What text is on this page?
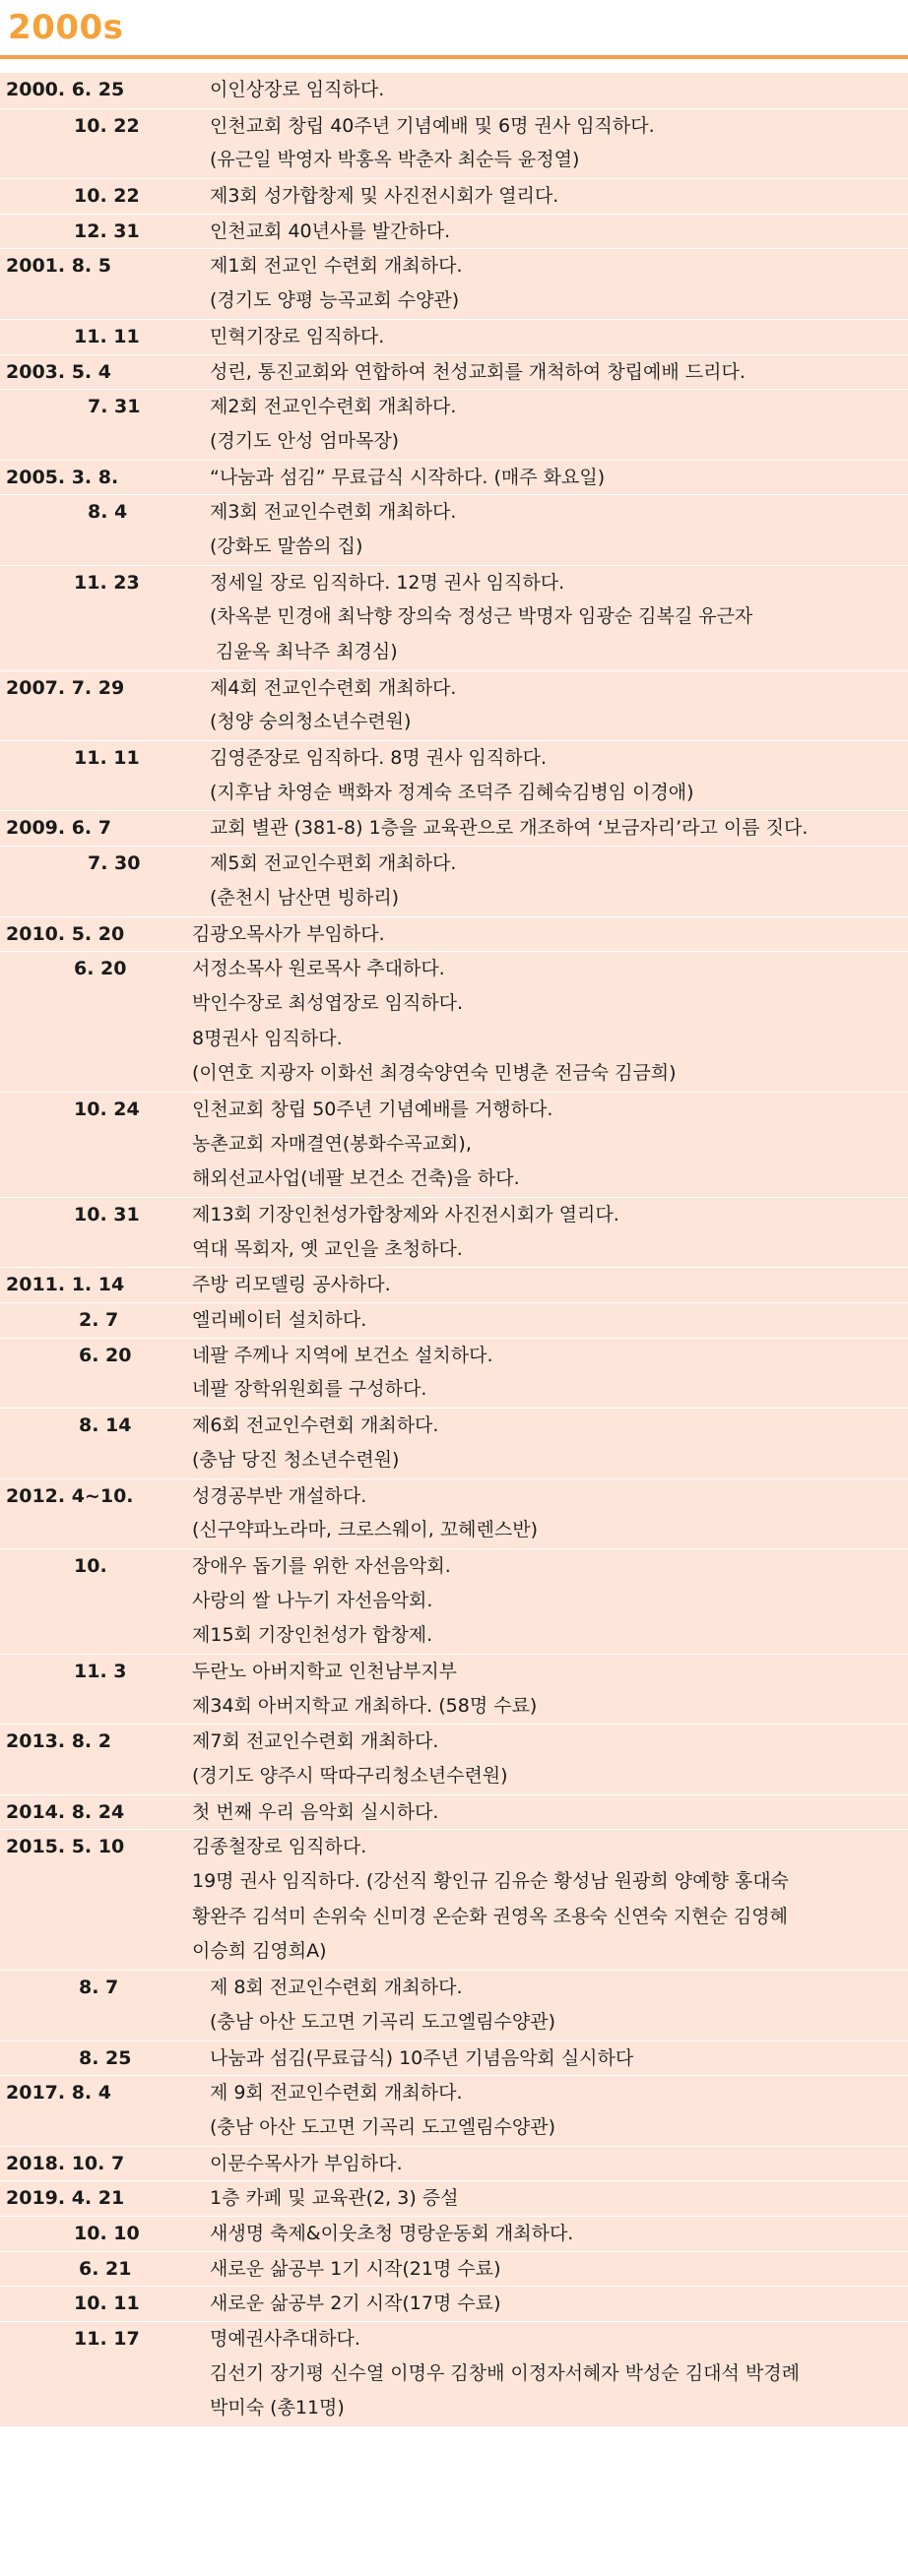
2000s
2000. 6. 25	이인상장로 임직하다.
10. 22	인천교회 창립 40주년 기념예배 및 6명 권사 임직하다.
(유근일 박영자 박홍옥 박춘자 최순득 윤정열)
10. 22	제3회 성가합창제 및 사진전시회가 열리다.
12. 31	인천교회 40년사를 발간하다.
2001. 8. 5	제1회 전교인 수련회 개최하다.
(경기도 양평 능곡교회 수양관)
11. 11	민혁기장로 임직하다.
2003. 5. 4	성린, 통진교회와 연합하여 천성교회를 개척하여 창립예배 드리다.
7. 31	제2회 전교인수련회 개최하다.
(경기도 안성 엄마목장)
2005. 3. 8.	“나눔과 섬김” 무료급식 시작하다. (매주 화요일)
8. 4	제3회 전교인수련회 개최하다.
(강화도 말씀의 집)
11. 23	정세일 장로 임직하다. 12명 권사 임직하다.
(차옥분 민경애 최낙향 장의숙 정성근 박명자 임광순 김복길 유근자
김윤옥 최낙주 최경심)
2007. 7. 29	제4회 전교인수련회 개최하다.
(청양 숭의청소년수련원)
11. 11	김영준장로 임직하다. 8명 권사 임직하다.
(지후남 차영순 백화자 정계숙 조덕주 김혜숙김병임 이경애)
2009. 6. 7	교회 별관 (381-8) 1층을 교육관으로 개조하여 ‘보금자리’라고 이름 짓다.
7. 30	제5회 전교인수편회 개최하다.
(춘천시 남산면 빙하리)
2010. 5. 20	김광오목사가 부임하다.
6. 20	서정소목사 원로목사 추대하다.
박인수장로 최성엽장로 임직하다.
8명권사 임직하다.
(이연호 지광자 이화선 최경숙양연숙 민병춘 전금숙 김금희)
10. 24	인천교회 창립 50주년 기념예배를 거행하다.
농촌교회 자매결연(봉화수곡교회),
해외선교사업(네팔 보건소 건축)을 하다.
10. 31	제13회 기장인천성가합창제와 사진전시회가 열리다.
역대 목회자, 옛 교인을 초청하다.
2011. 1. 14	주방 리모델링 공사하다.
2. 7	엘리베이터 설치하다.
6. 20	네팔 주께나 지역에 보건소 설치하다.
네팔 장학위원회를 구성하다.
8. 14	제6회 전교인수련회 개최하다.
(충남 당진 청소년수련원)
2012. 4~10.	성경공부반 개설하다.
(신구약파노라마, 크로스웨이, 꼬헤렌스반)
10.	장애우 돕기를 위한 자선음악회.
사랑의 쌀 나누기 자선음악회.
제15회 기장인천성가 합창제.
11. 3	두란노 아버지학교 인천남부지부
제34회 아버지학교 개최하다. (58명 수료)
2013. 8. 2	제7회 전교인수련회 개최하다.
(경기도 양주시 딱따구리청소년수련원)
2014. 8. 24	첫 번째 우리 음악회 실시하다.
2015. 5. 10	김종철장로 임직하다.
19명 권사 임직하다. (강선직 황인규 김유순 황성남 원광희 양예향 홍대숙
황완주 김석미 손위숙 신미경 온순화 권영옥 조용숙 신연숙 지현순 김영혜
이승희 김영희A)
8. 7	제 8회 전교인수련회 개최하다.
(충남 아산 도고면 기곡리 도고엘림수양관)
8. 25	나눔과 섬김(무료급식) 10주년 기념음악회 실시하다
2017. 8. 4	제 9회 전교인수련회 개최하다.
(충남 아산 도고면 기곡리 도고엘림수양관)
2018. 10. 7	이문수목사가 부임하다.
2019. 4. 21	1층 카페 및 교육관(2, 3) 증설
10. 10	새생명 축제&이웃초청 명랑운동회 개최하다.
6. 21	새로운 삶공부 1기 시작(21명 수료)
10. 11	새로운 삶공부 2기 시작(17명 수료)
11. 17	명예권사추대하다.
김선기 장기평 신수열 이명우 김창배 이정자서혜자 박성순 김대석 박경례
박미숙 (총11명)
